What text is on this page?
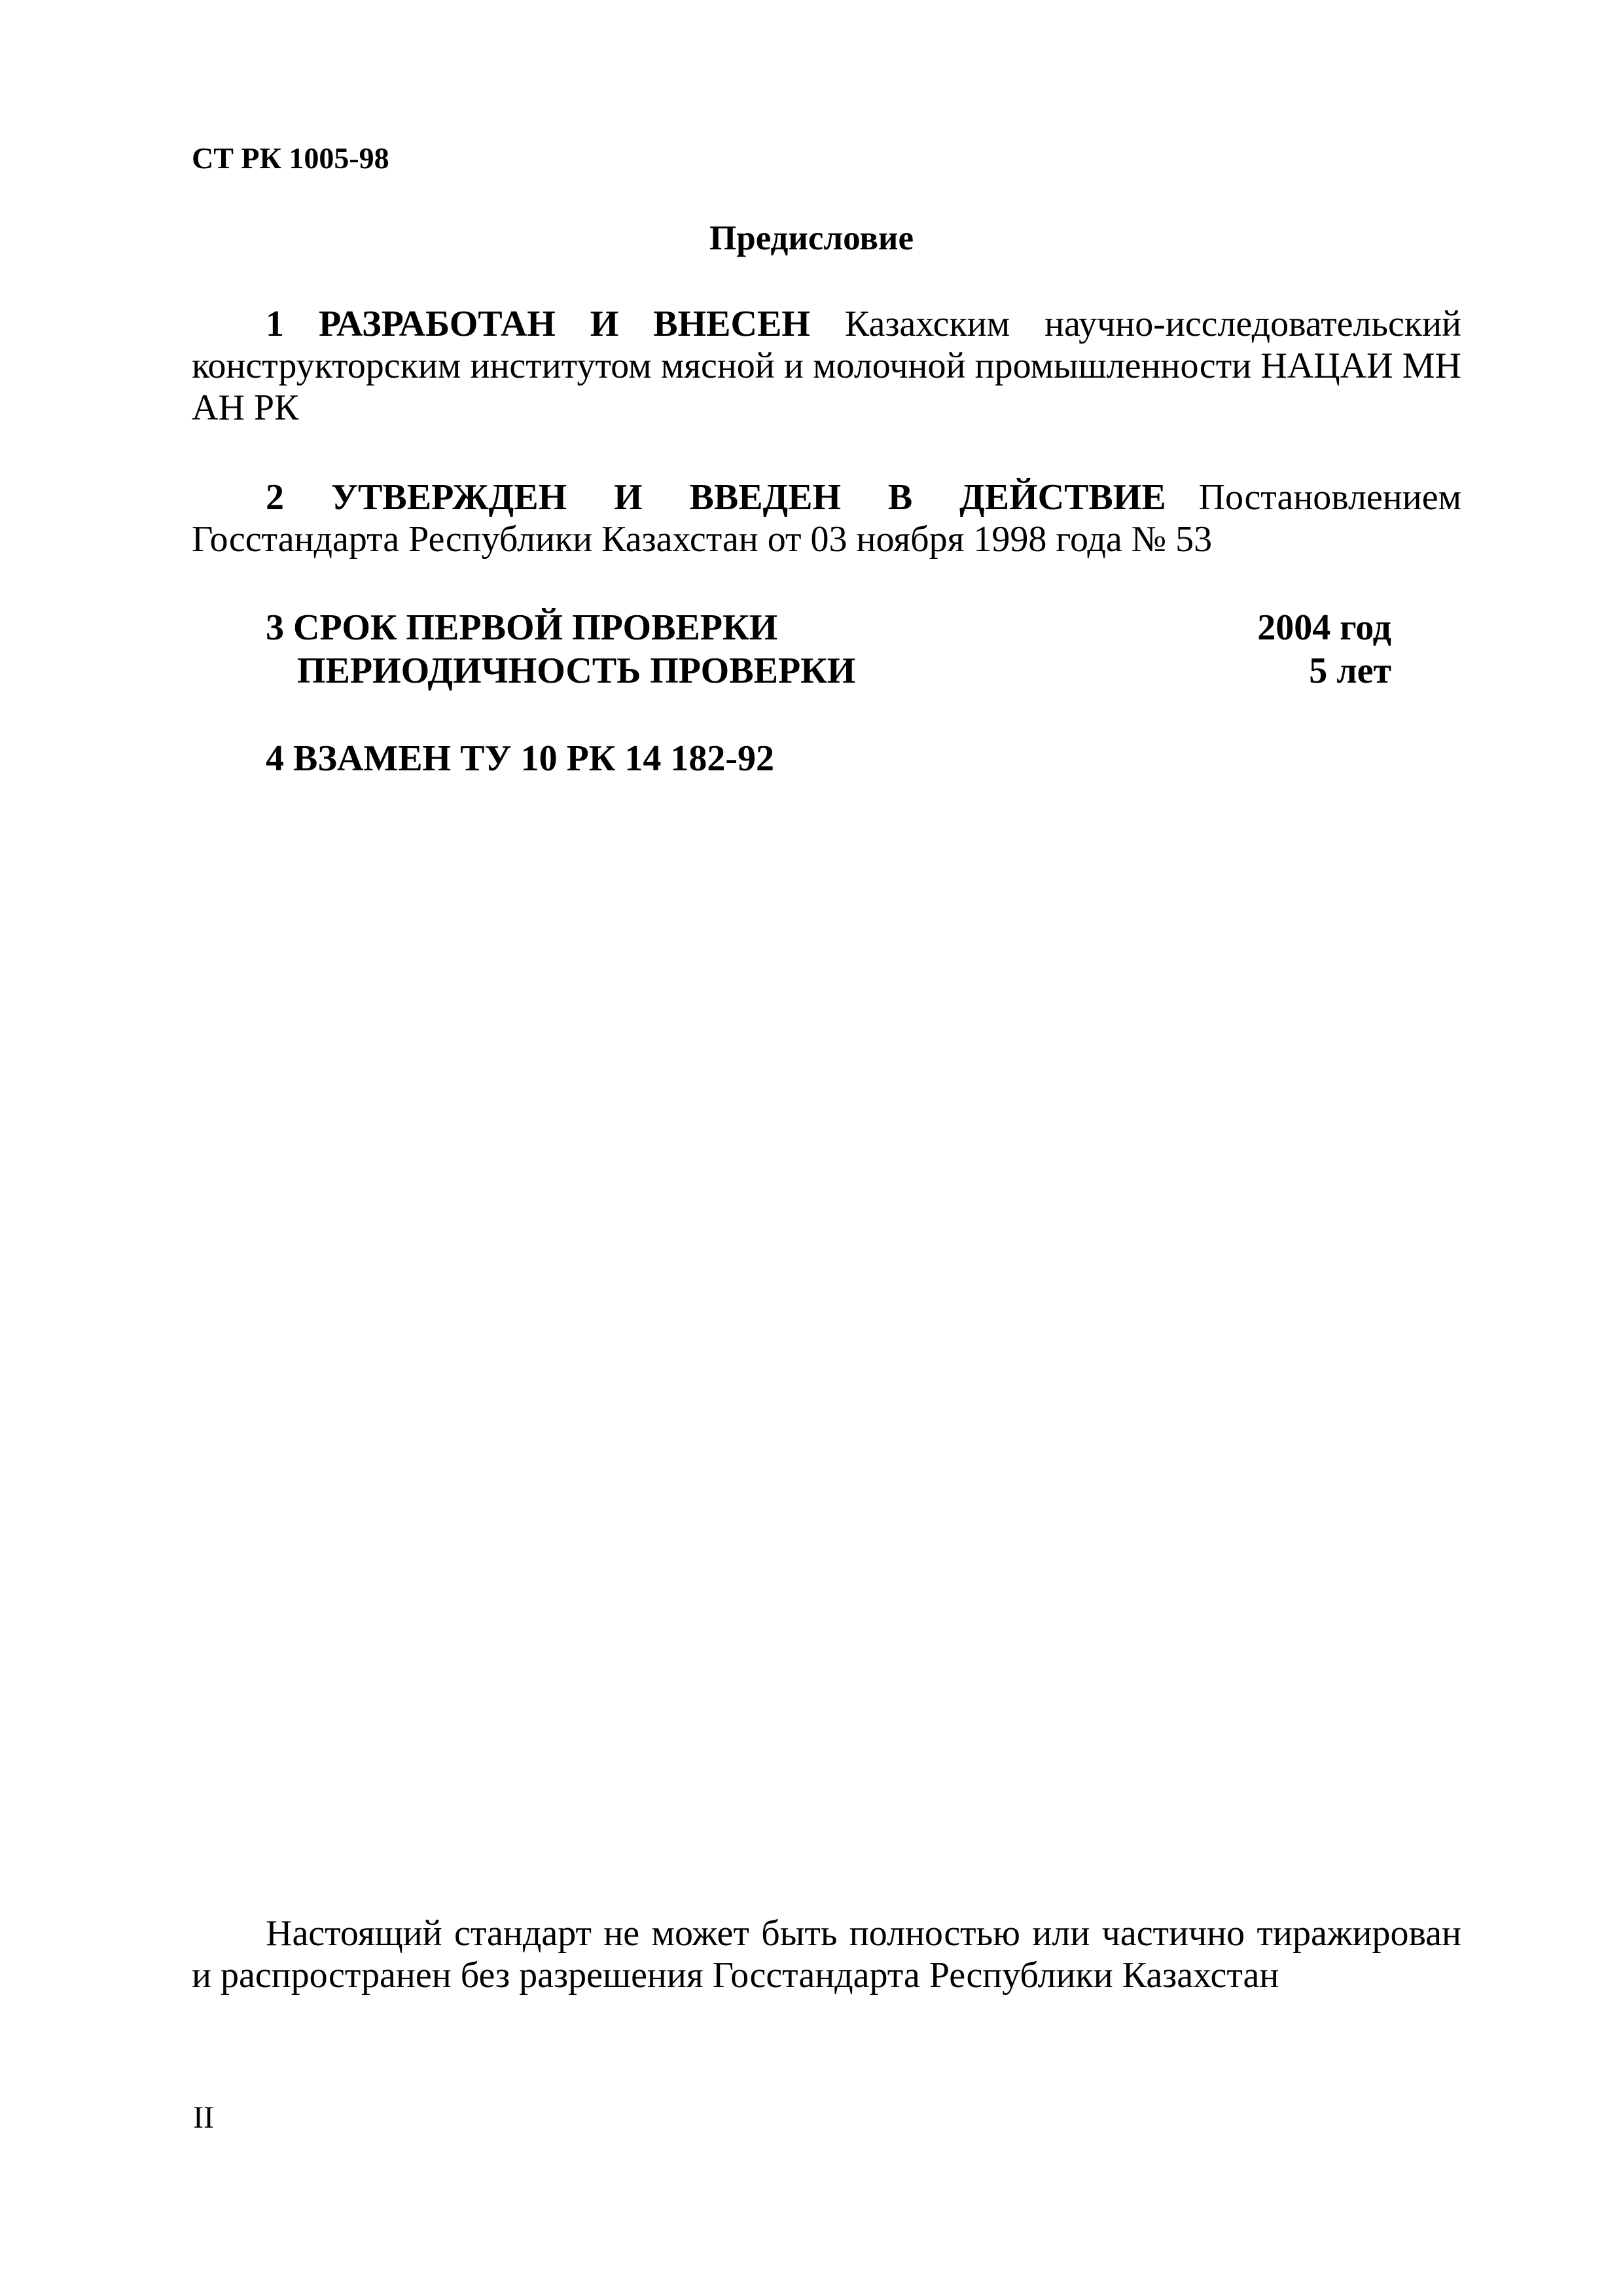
СТ РК 1005-98
Предисловие

1 РАЗРАБОТАН И ВНЕСЕН Казахским научно-исследовательский конструкторским институтом мясной и молочной промышленности НАЦАИ МН АН РК

2 УТВЕРЖДЕН И ВВЕДЕН В ДЕЙСТВИЕ Постановлением Госстандарта Республики Казахстан от 03 ноября 1998 года № 53

3 СРОК ПЕРВОЙ ПРОВЕРКИ	2004 год
ПЕРИОДИЧНОСТЬ ПРОВЕРКИ	5 лет
4 ВЗАМЕН ТУ 10 РК 14 182-92

Настоящий стандарт не может быть полностью или частично тиражирован и распространен без разрешения Госстандарта Республики Казахстан

II
